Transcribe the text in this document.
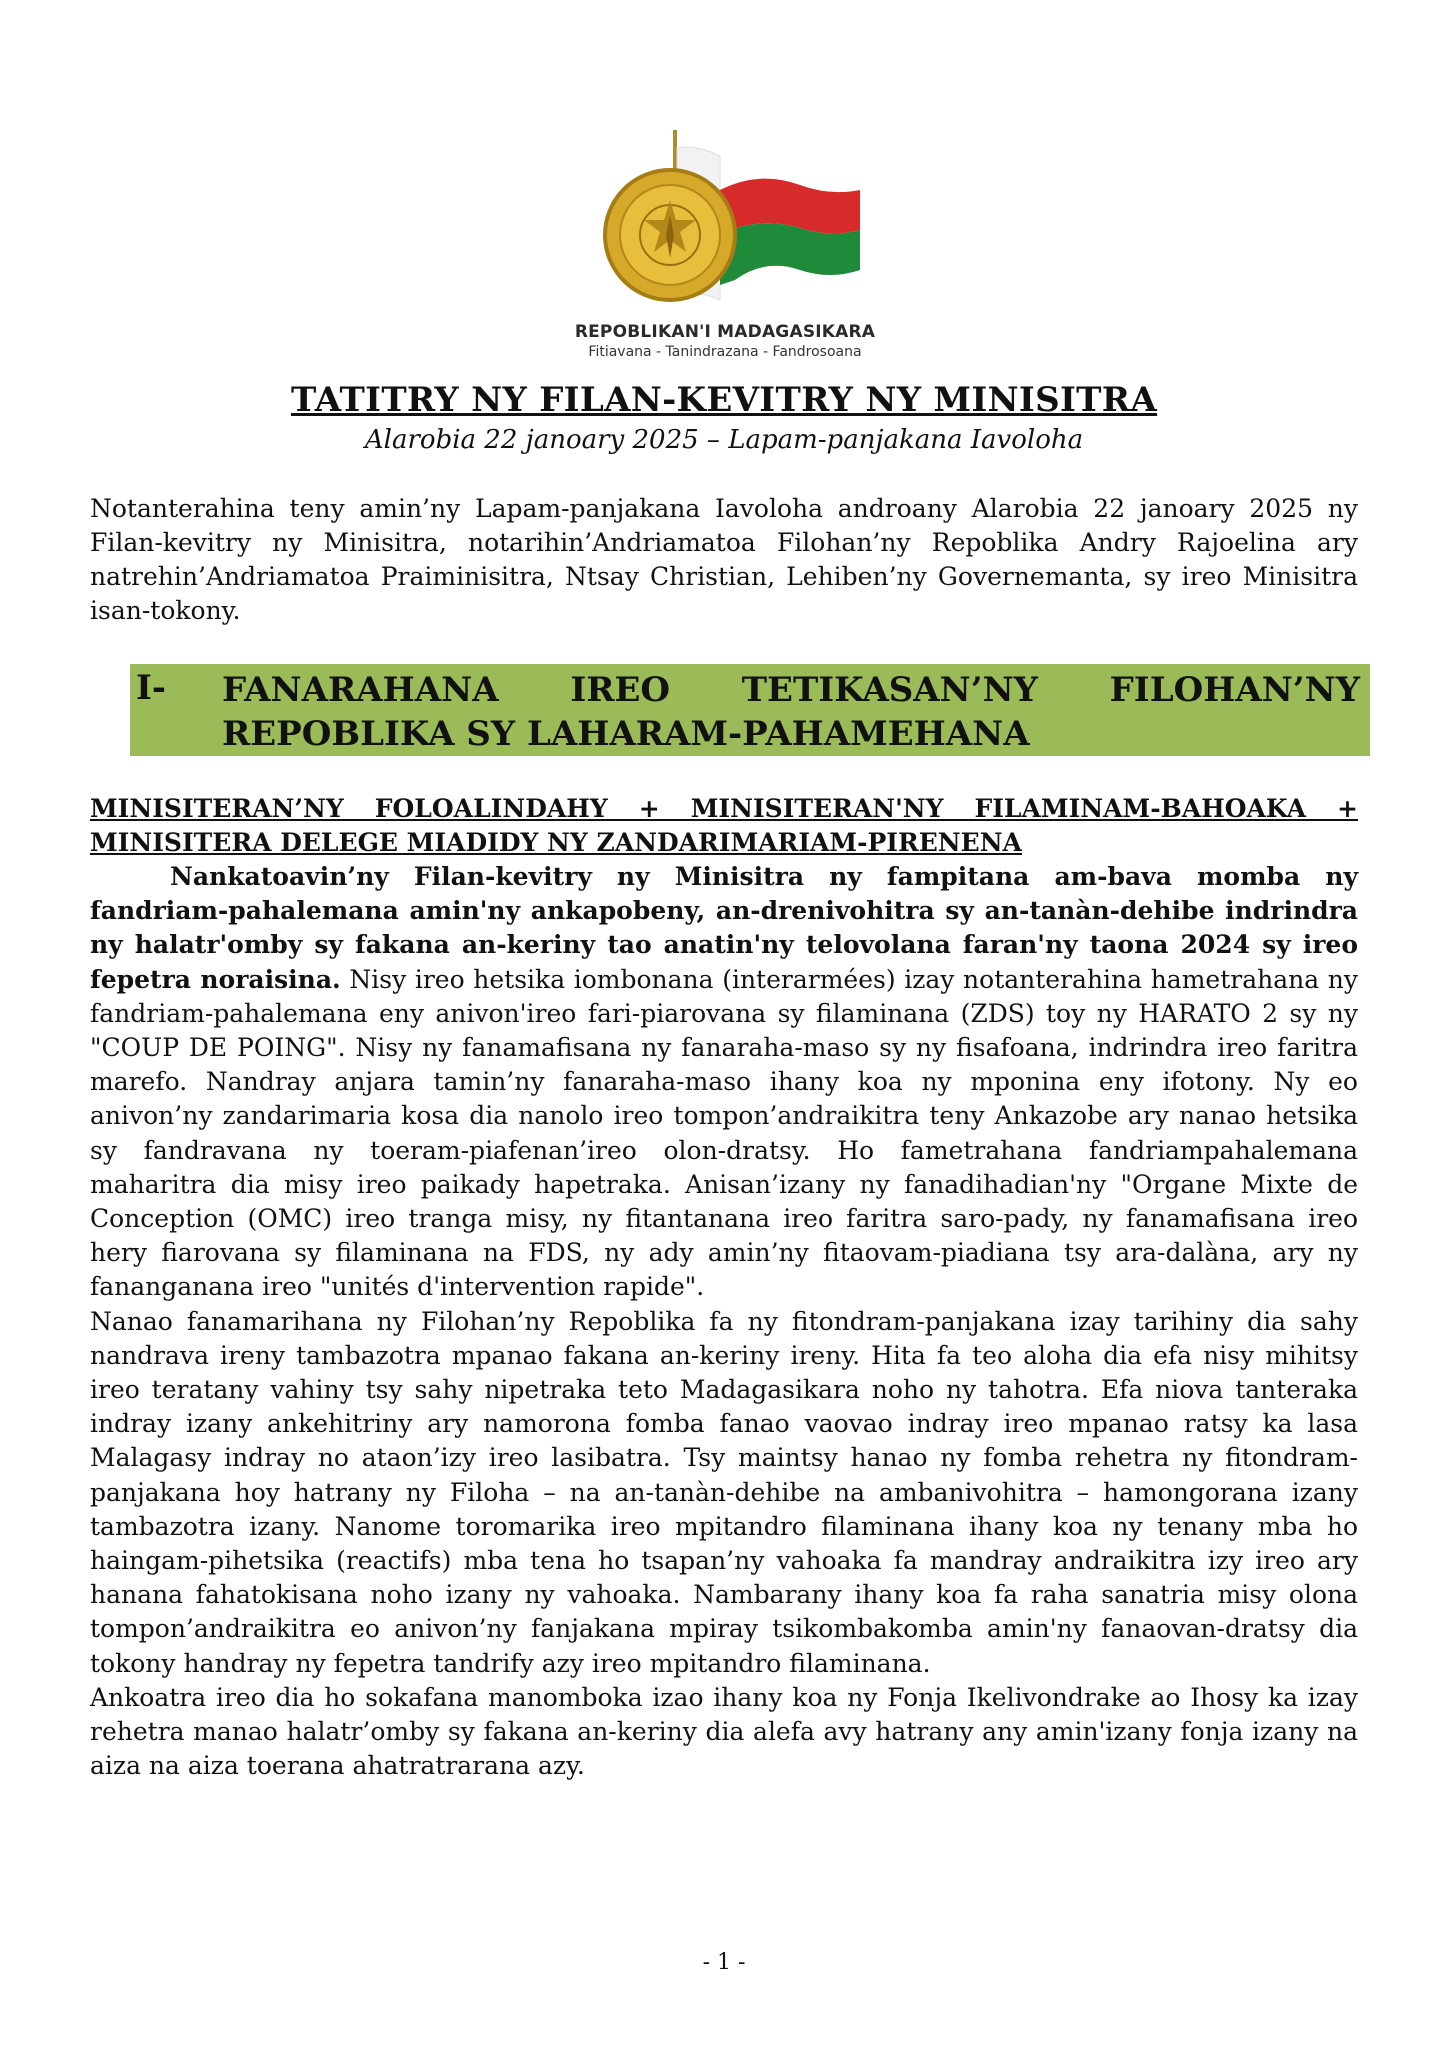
REPOBLIKAN'I MADAGASIKARA
Fitiavana - Tanindrazana - Fandrosoana
TATITRY NY FILAN-KEVITRY NY MINISITRA
Alarobia 22 janoary 2025 – Lapam-panjakana Iavoloha

Notanterahina teny amin’ny Lapam-panjakana Iavoloha androany Alarobia 22 janoary 2025 ny Filan-kevitry ny Minisitra, notarihin’Andriamatoa Filohan’ny Repoblika Andry Rajoelina ary natrehin’Andriamatoa Praiminisitra, Ntsay Christian, Lehiben’ny Governemanta, sy ireo Minisitra isan-tokony.

I- FANARAHANA IREO TETIKASAN’NY FILOHAN’NY REPOBLIKA SY LAHARAM-PAHAMEHANA

MINISITERAN’NY FOLOALINDAHY + MINISITERAN'NY FILAMINAM-BAHOAKA + MINISITERA DELEGE MIADIDY NY ZANDARIMARIAM-PIRENENA

Nankatoavin’ny Filan-kevitry ny Minisitra ny fampitana am-bava momba ny fandriam-pahalemana amin'ny ankapobeny, an-drenivohitra sy an-tanàn-dehibe indrindra ny halatr'omby sy fakana an-keriny tao anatin'ny telovolana faran'ny taona 2024 sy ireo fepetra noraisina. Nisy ireo hetsika iombonana (interarmées) izay notanterahina hametrahana ny fandriam-pahalemana eny anivon'ireo fari-piarovana sy filaminana (ZDS) toy ny HARATO 2 sy ny "COUP DE POING". Nisy ny fanamafisana ny fanaraha-maso sy ny fisafoana, indrindra ireo faritra marefo. Nandray anjara tamin’ny fanaraha-maso ihany koa ny mponina eny ifotony. Ny eo anivon’ny zandarimaria kosa dia nanolo ireo tompon’andraikitra teny Ankazobe ary nanao hetsika sy fandravana ny toeram-piafenan’ireo olon-dratsy. Ho fametrahana fandriampahalemana maharitra dia misy ireo paikady hapetraka. Anisan’izany ny fanadihadian'ny "Organe Mixte de Conception (OMC) ireo tranga misy, ny fitantanana ireo faritra saro-pady, ny fanamafisana ireo hery fiarovana sy filaminana na FDS, ny ady amin’ny fitaovam-piadiana tsy ara-dalàna, ary ny fananganana ireo "unités d'intervention rapide".

Nanao fanamarihana ny Filohan’ny Repoblika fa ny fitondram-panjakana izay tarihiny dia sahy nandrava ireny tambazotra mpanao fakana an-keriny ireny. Hita fa teo aloha dia efa nisy mihitsy ireo teratany vahiny tsy sahy nipetraka teto Madagasikara noho ny tahotra. Efa niova tanteraka indray izany ankehitriny ary namorona fomba fanao vaovao indray ireo mpanao ratsy ka lasa Malagasy indray no ataon’izy ireo lasibatra. Tsy maintsy hanao ny fomba rehetra ny fitondram-panjakana hoy hatrany ny Filoha – na an-tanàn-dehibe na ambanivohitra – hamongorana izany tambazotra izany. Nanome toromarika ireo mpitandro filaminana ihany koa ny tenany mba ho haingam-pihetsika (reactifs) mba tena ho tsapan’ny vahoaka fa mandray andraikitra izy ireo ary hanana fahatokisana noho izany ny vahoaka. Nambarany ihany koa fa raha sanatria misy olona tompon’andraikitra eo anivon’ny fanjakana mpiray tsikombakomba amin'ny fanaovan-dratsy dia tokony handray ny fepetra tandrify azy ireo mpitandro filaminana.

Ankoatra ireo dia ho sokafana manomboka izao ihany koa ny Fonja Ikelivondrake ao Ihosy ka izay rehetra manao halatr’omby sy fakana an-keriny dia alefa avy hatrany any amin'izany fonja izany na aiza na aiza toerana ahatratrarana azy.

- 1 -
